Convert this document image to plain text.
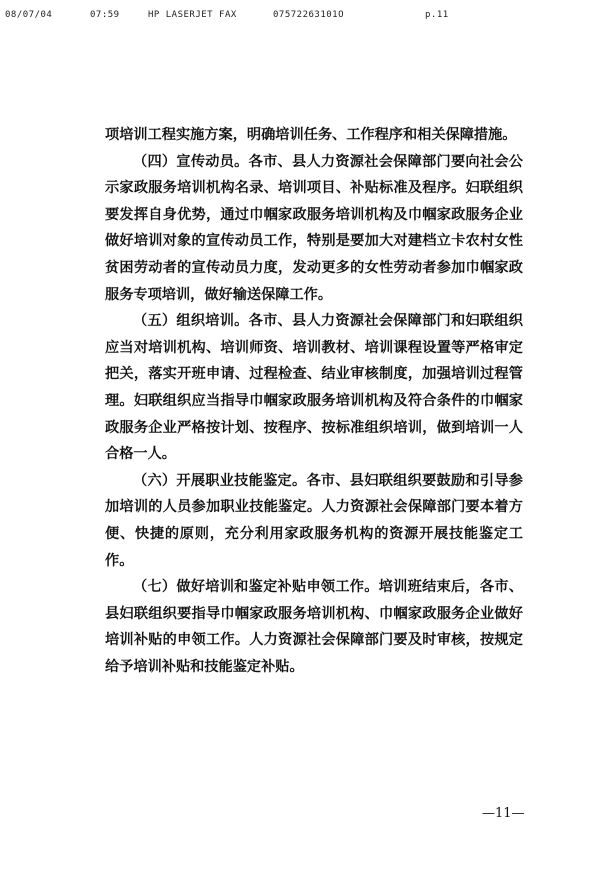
08/07/04	07:59	HP LASERJET FAX	07572263101O	p.11

项培训工程实施方案，明确培训任务、工作程序和相关保障措施。

（四）宣传动员。各市、县人力资源社会保障部门要向社会公示家政服务培训机构名录、培训项目、补贴标准及程序。妇联组织要发挥自身优势，通过巾帼家政服务培训机构及巾帼家政服务企业做好培训对象的宣传动员工作，特别是要加大对建档立卡农村女性贫困劳动者的宣传动员力度，发动更多的女性劳动者参加巾帼家政服务专项培训，做好输送保障工作。

（五）组织培训。各市、县人力资源社会保障部门和妇联组织应当对培训机构、培训师资、培训教材、培训课程设置等严格审定把关，落实开班申请、过程检查、结业审核制度，加强培训过程管理。妇联组织应当指导巾帼家政服务培训机构及符合条件的巾帼家政服务企业严格按计划、按程序、按标准组织培训，做到培训一人合格一人。

（六）开展职业技能鉴定。各市、县妇联组织要鼓励和引导参加培训的人员参加职业技能鉴定。人力资源社会保障部门要本着方便、快捷的原则，充分利用家政服务机构的资源开展技能鉴定工作。

（七）做好培训和鉴定补贴申领工作。培训班结束后，各市、县妇联组织要指导巾帼家政服务培训机构、巾帼家政服务企业做好培训补贴的申领工作。人力资源社会保障部门要及时审核，按规定给予培训补贴和技能鉴定补贴。

—11—
